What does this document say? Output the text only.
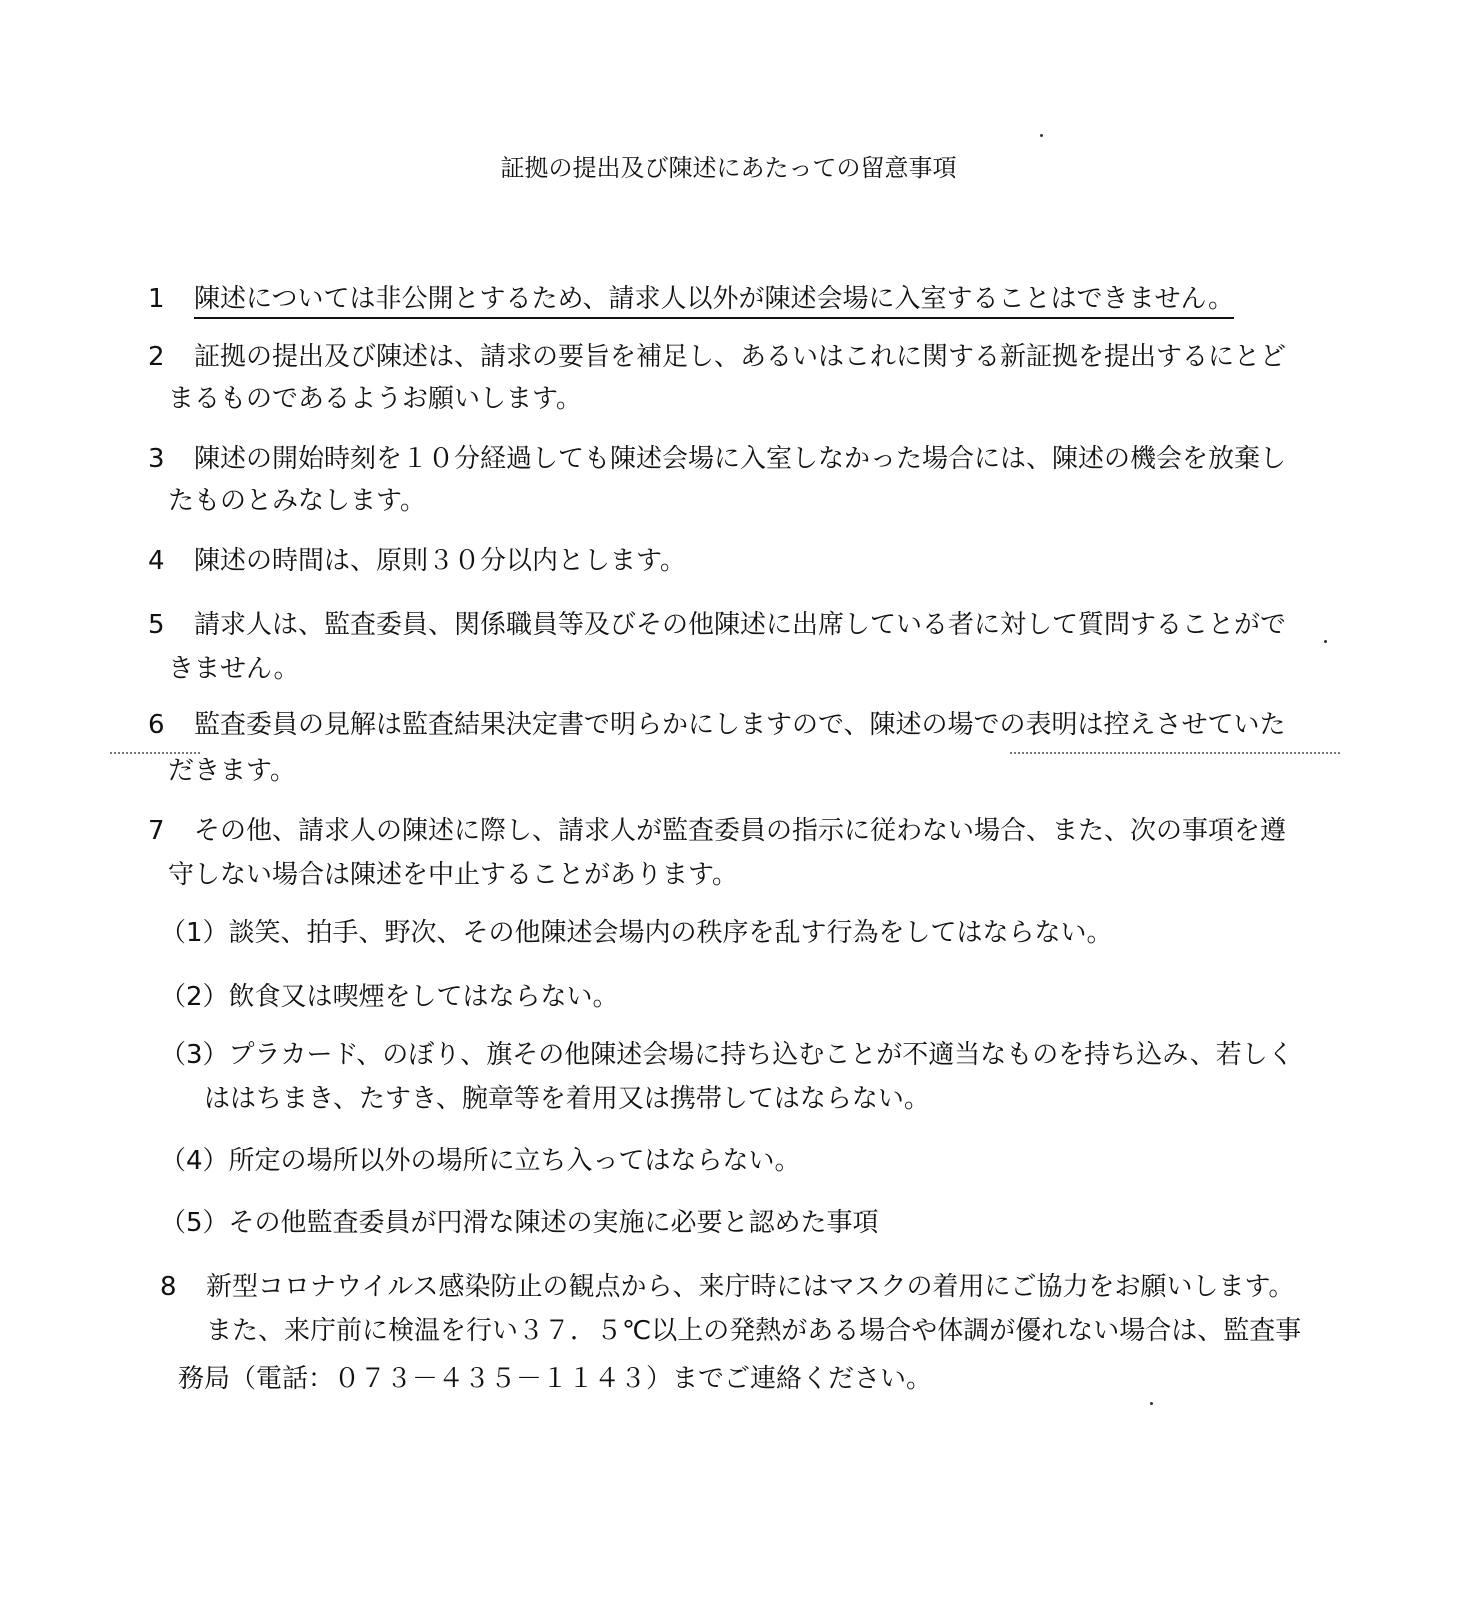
証拠の提出及び陳述にあたっての留意事項
1 陳述については非公開とするため、請求人以外が陳述会場に入室することはできません。
2 証拠の提出及び陳述は、請求の要旨を補足し、あるいはこれに関する新証拠を提出するにとど
まるものであるようお願いします。
3 陳述の開始時刻を１０分経過しても陳述会場に入室しなかった場合には、陳述の機会を放棄し
たものとみなします。
4 陳述の時間は、原則３０分以内とします。
5 請求人は、監査委員、関係職員等及びその他陳述に出席している者に対して質問することがで
きません。
6 監査委員の見解は監査結果決定書で明らかにしますので、陳述の場での表明は控えさせていた
だきます。
7 その他、請求人の陳述に際し、請求人が監査委員の指示に従わない場合、また、次の事項を遵
守しない場合は陳述を中止することがあります。
（1）談笑、拍手、野次、その他陳述会場内の秩序を乱す行為をしてはならない。
（2）飲食又は喫煙をしてはならない。
（3）プラカード、のぼり、旗その他陳述会場に持ち込むことが不適当なものを持ち込み、若しく
ははちまき、たすき、腕章等を着用又は携帯してはならない。
（4）所定の場所以外の場所に立ち入ってはならない。
（5）その他監査委員が円滑な陳述の実施に必要と認めた事項
8 新型コロナウイルス感染防止の観点から、来庁時にはマスクの着用にご協力をお願いします。
また、来庁前に検温を行い３７．５℃以上の発熱がある場合や体調が優れない場合は、監査事
務局（電話：０７３－４３５－１１４３）までご連絡ください。
